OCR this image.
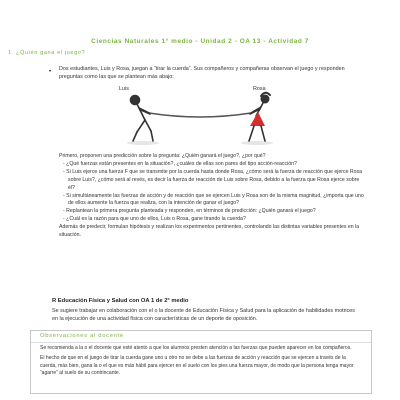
Ciencias Naturales 1° medio - Unidad 2 - OA 13 - Actividad 7
1. ¿Quién gana el juego?
• Dos estudiantes, Luis y Rosa, juegan a “tirar la cuerda”. Sus compañeros y compañeras observan el juego y responden preguntas como las que se plantean más abajo:
Luis	Rosa

Primero, proponen una predicción sobre la pregunta: ¿Quién ganará el juego?, ¿por qué?

- ¿Qué fuerzas están presentes en la situación?, ¿cuáles de ellas son pares del tipo acción-reacción?

- Si Luis ejerce una fuerza F que se transmite por la cuerda hasta donde Rosa, ¿cómo será la fuerza de reacción que ejerce Rosa sobre Luis?, ¿cómo será al revés, es decir la fuerza de reacción de Luis sobre Rosa, debido a la fuerza que Rosa ejerce sobre él?

- Si simultáneamente las fuerzas de acción y de reacción que se ejercen Luis y Rosa son de la misma magnitud, ¿importa que uno de ellos aumente la fuerza que realiza, con la intención de ganar el juego?

- Replantean la primera pregunta planteada y responden, en términos de predicción: ¿Quién ganará el juego?

- ¿Cuál es la razón para que uno de ellos, Luis o Rosa, gane tirando la cuerda?

Además de predecir, formulan hipótesis y realizan los experimentos pertinentes, controlando las distintas variables presentes en la situación.

R Educación Física y Salud con OA 1 de 2° medio
Se sugiere trabajar en colaboración con el o la docente de Educación Física y Salud para la aplicación de habilidades motrices en la ejecución de una actividad física con características de un deporte de oposición.
Observaciones al docente

Se recomienda a la o el docente que esté atento a que los alumnos presten atención a las fuerzas que pueden aparecer en los compañeros.

El hecho de que en el juego de tirar la cuerda gane uno u otro no se debe a las fuerzas de acción y reacción que se ejercen a través de la cuerda, más bien, gana la o el que es más hábil para ejercer en el suelo con los pies una fuerza mayor, de modo que la persona tenga mayor “agarre” al suelo de su contrincante.
